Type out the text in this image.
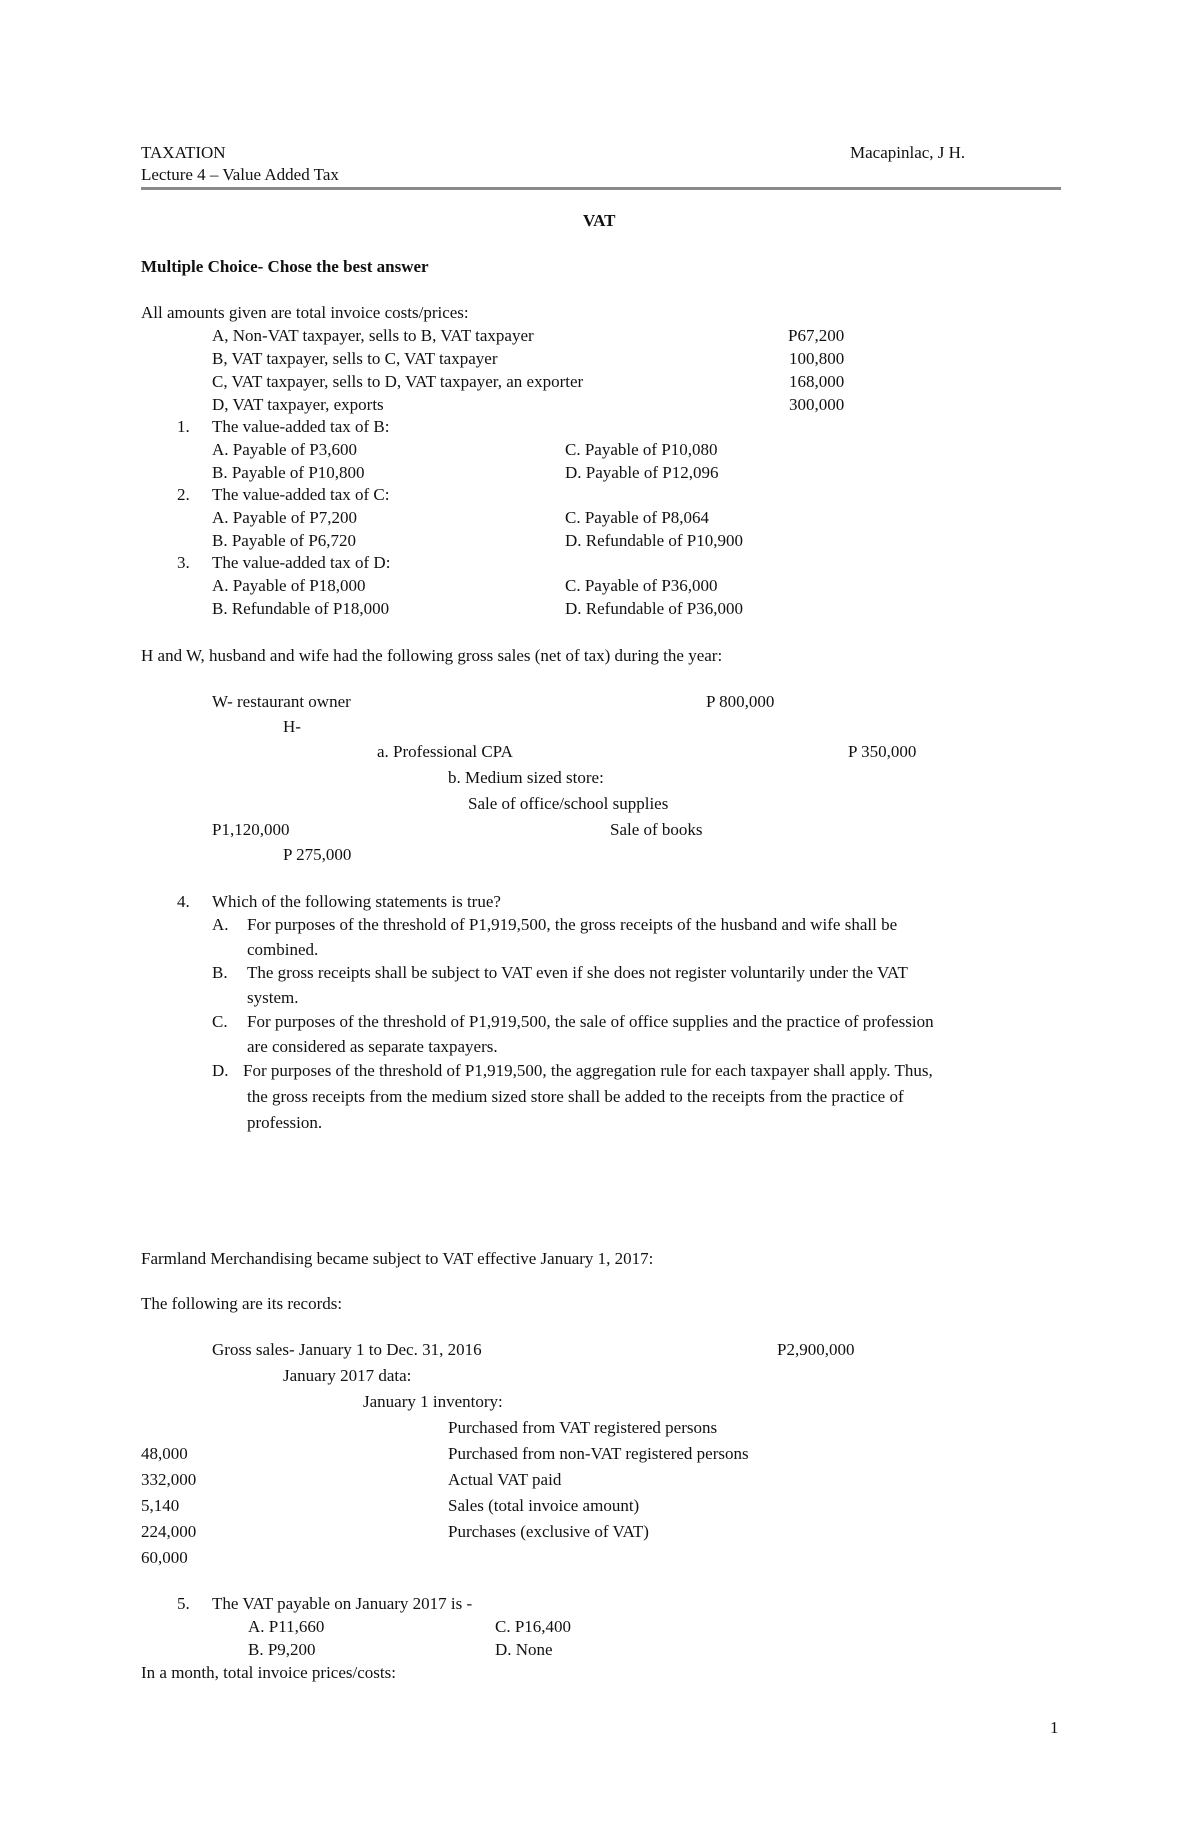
TAXATION
Lecture 4 – Value Added Tax
Macapinlac, J H.
VAT
Multiple Choice- Chose the best answer
All amounts given are total invoice costs/prices:
A, Non-VAT taxpayer, sells to B, VAT taxpayer	P67,200
B, VAT taxpayer, sells to C, VAT taxpayer	100,800
C, VAT taxpayer, sells to D, VAT taxpayer, an exporter	168,000
D, VAT taxpayer, exports	300,000
1. The value-added tax of B:
A. Payable of P3,600	C. Payable of P10,080
B. Payable of P10,800	D. Payable of P12,096
2. The value-added tax of C:
A. Payable of P7,200	C. Payable of P8,064
B. Payable of P6,720	D. Refundable of P10,900
3. The value-added tax of D:
A. Payable of P18,000	C. Payable of P36,000
B. Refundable of P18,000	D. Refundable of P36,000
H and W, husband and wife had the following gross sales (net of tax) during the year:
W- restaurant owner	P 800,000
H-
a. Professional CPA	P 350,000
b. Medium sized store:
Sale of office/school supplies
P1,120,000	Sale of books
P 275,000
4. Which of the following statements is true?
A. For purposes of the threshold of P1,919,500, the gross receipts of the husband and wife shall be
combined.
B. The gross receipts shall be subject to VAT even if she does not register voluntarily under the VAT
system.
C. For purposes of the threshold of P1,919,500, the sale of office supplies and the practice of profession
are considered as separate taxpayers.
D. For purposes of the threshold of P1,919,500, the aggregation rule for each taxpayer shall apply. Thus,
the gross receipts from the medium sized store shall be added to the receipts from the practice of
profession.
Farmland Merchandising became subject to VAT effective January 1, 2017:
The following are its records:
Gross sales- January 1 to Dec. 31, 2016	P2,900,000
January 2017 data:
January 1 inventory:
Purchased from VAT registered persons
48,000	Purchased from non-VAT registered persons
332,000	Actual VAT paid
5,140	Sales (total invoice amount)
224,000	Purchases (exclusive of VAT)
60,000
5. The VAT payable on January 2017 is -
A. P11,660	C. P16,400
B. P9,200	D. None
In a month, total invoice prices/costs:
1
